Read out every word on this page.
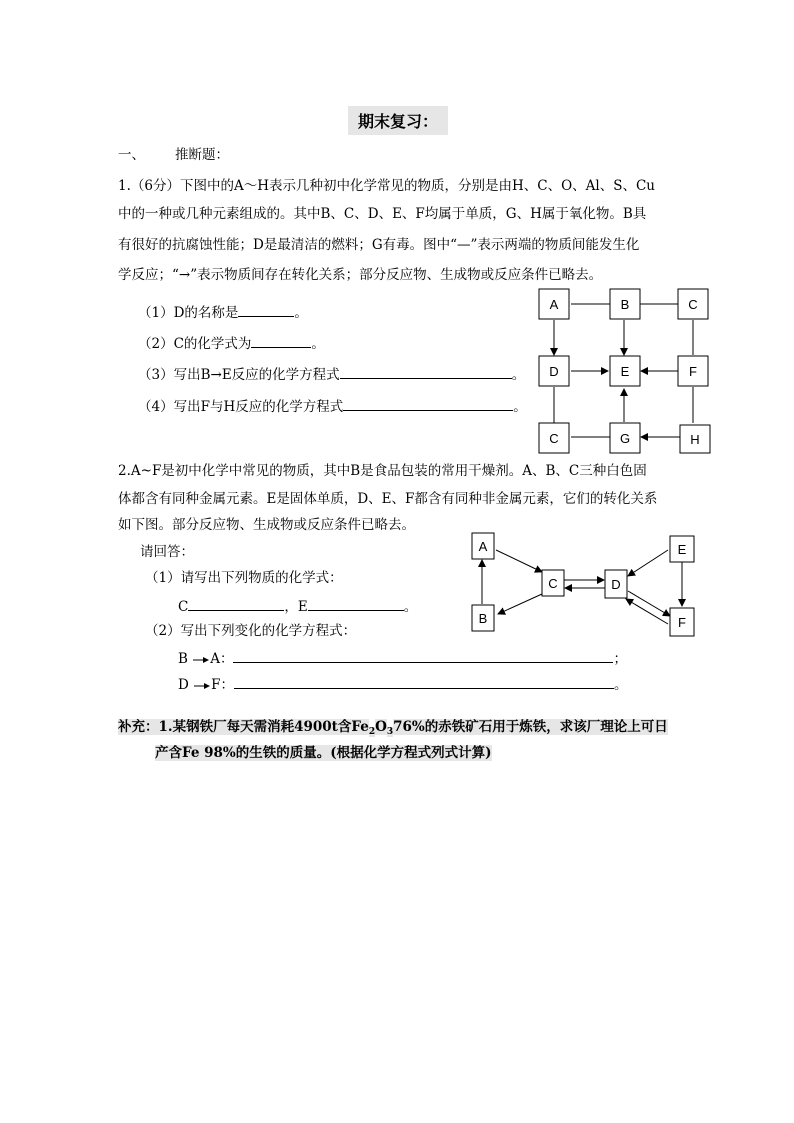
期末复习：
一、 推断题：
1.（6分）下图中的A～H表示几种初中化学常见的物质，分别是由H、C、O、Al、S、Cu
中的一种或几种元素组成的。其中B、C、D、E、F均属于单质，G、H属于氧化物。B具
有很好的抗腐蚀性能；D是最清洁的燃料；G有毒。图中“—”表示两端的物质间能发生化
学反应；“→”表示物质间存在转化关系；部分反应物、生成物或反应条件已略去。
（1）D的名称是	。
（2）C的化学式为	。
（3）写出B→E反应的化学方程式	。
（4）写出F与H反应的化学方程式	。
A	B	C
D	E	F
C	G	H
2.A~F是初中化学中常见的物质，其中B是食品包装的常用干燥剂。A、B、C三种白色固
体都含有同种金属元素。E是固体单质，D、E、F都含有同种非金属元素，它们的转化关系
如下图。部分反应物、生成物或反应条件已略去。
请回答：
（1）请写出下列物质的化学式：
C	，E	。
（2）写出下列变化的化学方程式：
B A：	；
D F：	。
A
B
C	D
E
F
补充：1.某钢铁厂每天需消耗4900t含$Fe_2O_376\%$的赤铁矿石用于炼铁，求该厂理论上可日
产含Fe 98%的生铁的质量。(根据化学方程式列式计算)
